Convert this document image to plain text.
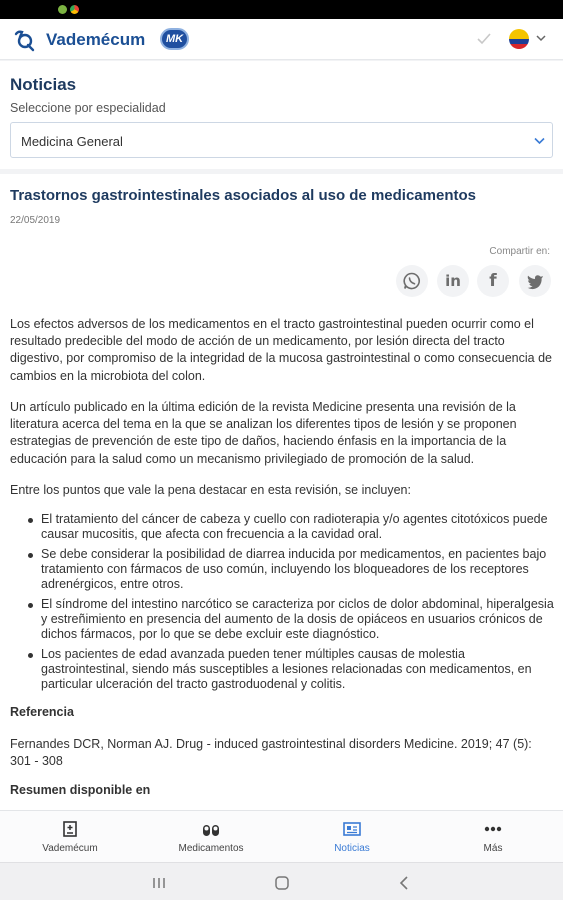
Vademécum	MK
Noticias
Seleccione por especialidad
Medicina General
Trastornos gastrointestinales asociados al uso de medicamentos
22/05/2019
Compartir en:
in	f

Los efectos adversos de los medicamentos en el tracto gastrointestinal pueden ocurrir como el resultado predecible del modo de acción de un medicamento, por lesión directa del tracto digestivo, por compromiso de la integridad de la mucosa gastrointestinal o como consecuencia de cambios en la microbiota del colon.

Un artículo publicado en la última edición de la revista Medicine presenta una revisión de la literatura acerca del tema en la que se analizan los diferentes tipos de lesión y se proponen estrategias de prevención de este tipo de daños, haciendo énfasis en la importancia de la educación para la salud como un mecanismo privilegiado de promoción de la salud.

Entre los puntos que vale la pena destacar en esta revisión, se incluyen:

El tratamiento del cáncer de cabeza y cuello con radioterapia y/o agentes citotóxicos puede causar mucositis, que afecta con frecuencia a la cavidad oral.
Se debe considerar la posibilidad de diarrea inducida por medicamentos, en pacientes bajo tratamiento con fármacos de uso común, incluyendo los bloqueadores de los receptores adrenérgicos, entre otros.
El síndrome del intestino narcótico se caracteriza por ciclos de dolor abdominal, hiperalgesia y estreñimiento en presencia del aumento de la dosis de opiáceos en usuarios crónicos de dichos fármacos, por lo que se debe excluir este diagnóstico.
Los pacientes de edad avanzada pueden tener múltiples causas de molestia gastrointestinal, siendo más susceptibles a lesiones relacionadas con medicamentos, en particular ulceración del tracto gastroduodenal y colitis.
Referencia

Fernandes DCR, Norman AJ. Drug - induced gastrointestinal disorders Medicine. 2019; 47 (5): 301 - 308

Resumen disponible en
Vademécum	Medicamentos	Noticias	Más
